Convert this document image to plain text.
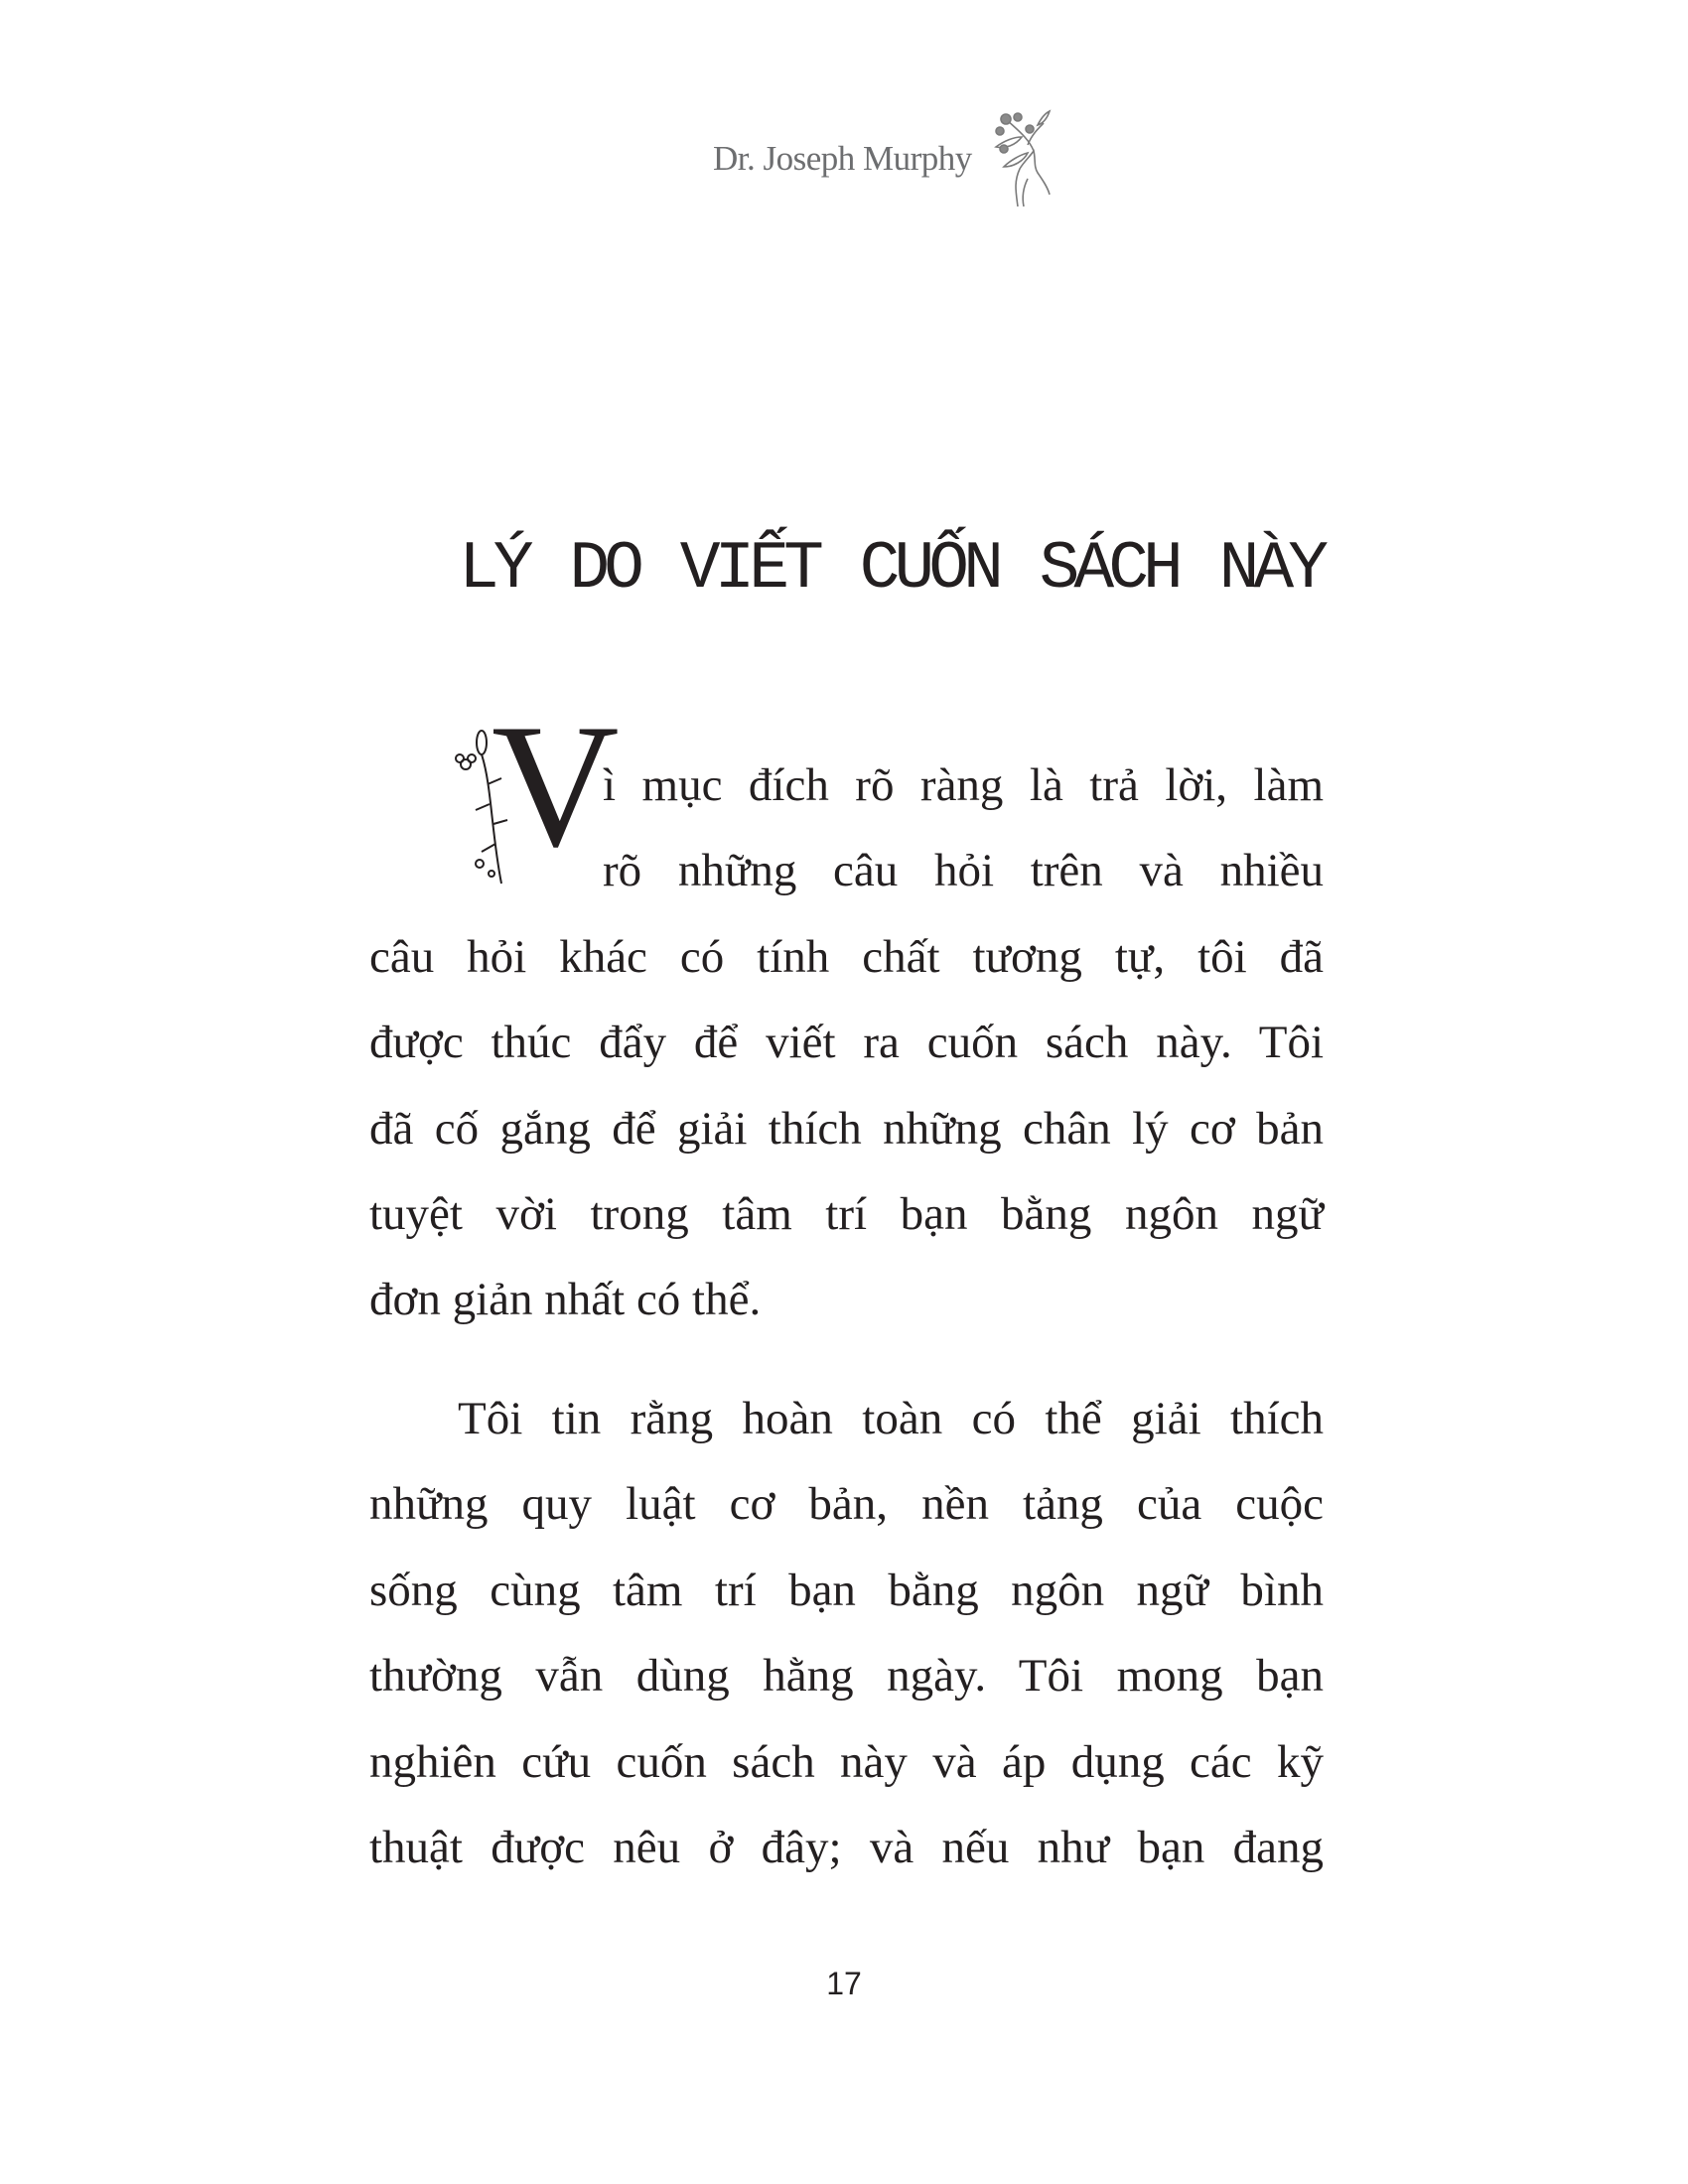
Dr. Joseph Murphy
LÝ DO VIẾT CUỐN SÁCH NÀY
V
ì mục đích rõ ràng là trả lời, làm
rõ những câu hỏi trên và nhiều
câu hỏi khác có tính chất tương tự, tôi đã
được thúc đẩy để viết ra cuốn sách này. Tôi
đã cố gắng để giải thích những chân lý cơ bản
tuyệt vời trong tâm trí bạn bằng ngôn ngữ
đơn giản nhất có thể.
Tôi tin rằng hoàn toàn có thể giải thích
những quy luật cơ bản, nền tảng của cuộc
sống cùng tâm trí bạn bằng ngôn ngữ bình
thường vẫn dùng hằng ngày. Tôi mong bạn
nghiên cứu cuốn sách này và áp dụng các kỹ
thuật được nêu ở đây; và nếu như bạn đang
17
